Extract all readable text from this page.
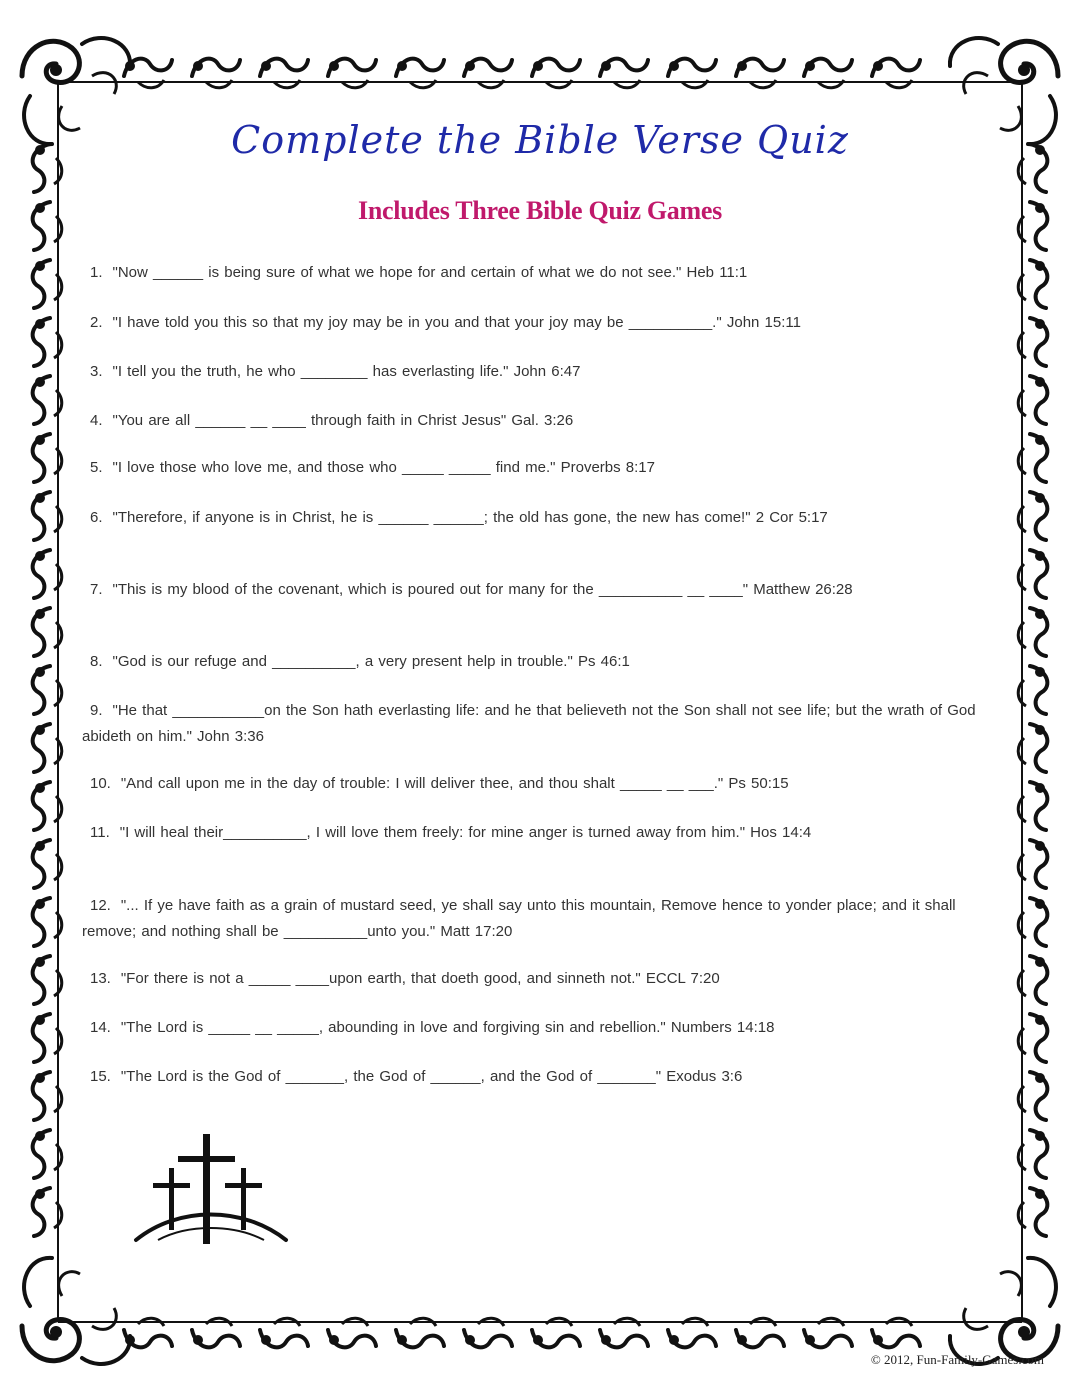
Complete the Bible Verse Quiz
Includes Three Bible Quiz Games

1. "Now ______ is being sure of what we hope for and certain of what we do not see." Heb 11:1

2. "I have told you this so that my joy may be in you and that your joy may be __________." John 15:11

3. "I tell you the truth, he who ________ has everlasting life." John 6:47

4. "You are all ______ __ ____ through faith in Christ Jesus" Gal. 3:26

5. "I love those who love me, and those who _____ _____ find me." Proverbs 8:17

6. "Therefore, if anyone is in Christ, he is ______ ______; the old has gone, the new has come!" 2 Cor 5:17

7. "This is my blood of the covenant, which is poured out for many for the __________ __ ____" Matthew 26:28

8. "God is our refuge and __________, a very present help in trouble." Ps 46:1

9. "He that ___________on the Son hath everlasting life: and he that believeth not the Son shall not see life; but the wrath of God abideth on him." John 3:36

10. "And call upon me in the day of trouble: I will deliver thee, and thou shalt _____ __ ___." Ps 50:15

11. "I will heal their__________, I will love them freely: for mine anger is turned away from him." Hos 14:4

12. "... If ye have faith as a grain of mustard seed, ye shall say unto this mountain, Remove hence to yonder place; and it shall remove; and nothing shall be __________unto you." Matt 17:20

13. "For there is not a _____ ____upon earth, that doeth good, and sinneth not." ECCL 7:20

14. "The Lord is _____ __ _____, abounding in love and forgiving sin and rebellion." Numbers 14:18

15. "The Lord is the God of _______, the God of ______, and the God of _______" Exodus 3:6

© 2012, Fun-Family-Games.com
